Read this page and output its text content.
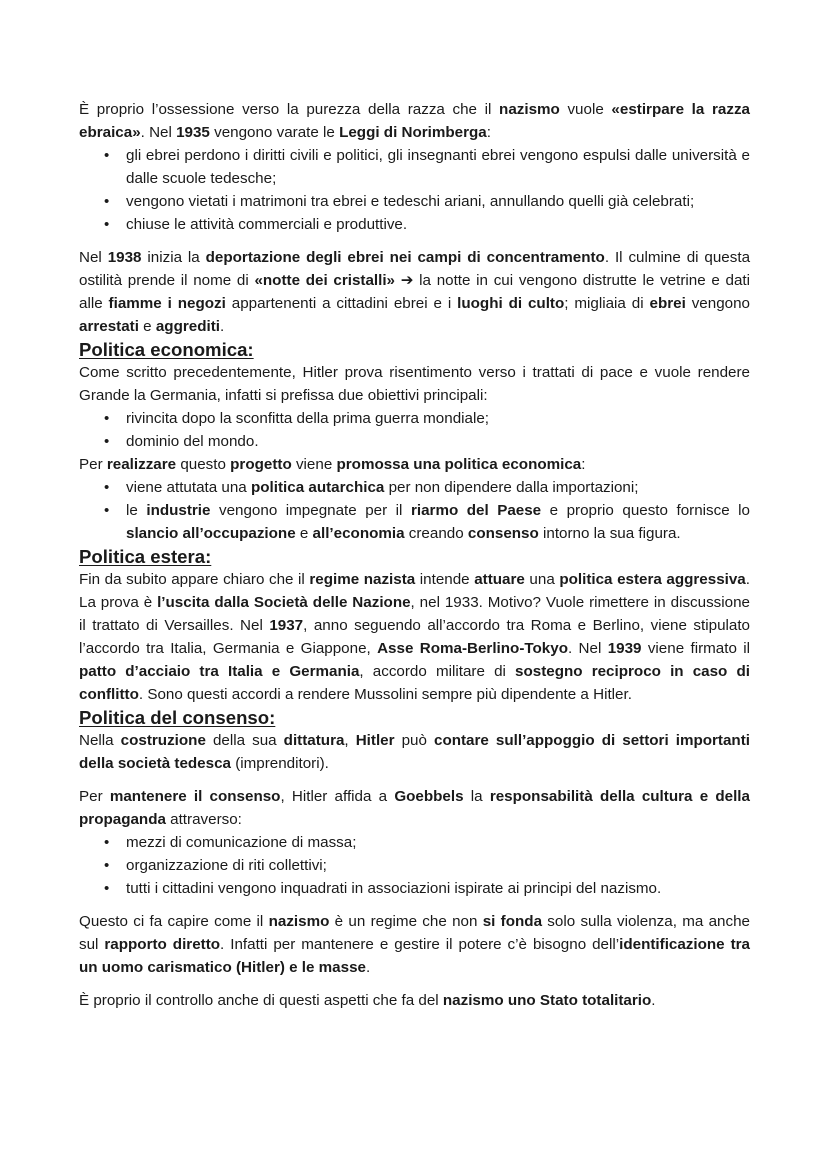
È proprio l’ossessione verso la purezza della razza che il nazismo vuole «estirpare la razza ebraica». Nel 1935 vengono varate le Leggi di Norimberga:

• gli ebrei perdono i diritti civili e politici, gli insegnanti ebrei vengono espulsi dalle università e dalle scuole tedesche;
• vengono vietati i matrimoni tra ebrei e tedeschi ariani, annullando quelli già celebrati;
• chiuse le attività commerciali e produttive.

Nel 1938 inizia la deportazione degli ebrei nei campi di concentramento. Il culmine di questa ostilità prende il nome di «notte dei cristalli» ➔ la notte in cui vengono distrutte le vetrine e dati alle fiamme i negozi appartenenti a cittadini ebrei e i luoghi di culto; migliaia di ebrei vengono arrestati e aggrediti.

Politica economica:

Come scritto precedentemente, Hitler prova risentimento verso i trattati di pace e vuole rendere Grande la Germania, infatti si prefissa due obiettivi principali:

• rivincita dopo la sconfitta della prima guerra mondiale;
• dominio del mondo.

Per realizzare questo progetto viene promossa una politica economica:

• viene attutata una politica autarchica per non dipendere dalla importazioni;
• le industrie vengono impegnate per il riarmo del Paese e proprio questo fornisce lo slancio all’occupazione e all’economia creando consenso intorno la sua figura.
Politica estera:

Fin da subito appare chiaro che il regime nazista intende attuare una politica estera aggressiva. La prova è l’uscita dalla Società delle Nazione, nel 1933. Motivo? Vuole rimettere in discussione il trattato di Versailles. Nel 1937, anno seguendo all’accordo tra Roma e Berlino, viene stipulato l’accordo tra Italia, Germania e Giappone, Asse Roma-Berlino-Tokyo. Nel 1939 viene firmato il patto d’acciaio tra Italia e Germania, accordo militare di sostegno reciproco in caso di conflitto. Sono questi accordi a rendere Mussolini sempre più dipendente a Hitler.

Politica del consenso:

Nella costruzione della sua dittatura, Hitler può contare sull’appoggio di settori importanti della società tedesca (imprenditori).

Per mantenere il consenso, Hitler affida a Goebbels la responsabilità della cultura e della propaganda attraverso:

• mezzi di comunicazione di massa;
• organizzazione di riti collettivi;
• tutti i cittadini vengono inquadrati in associazioni ispirate ai principi del nazismo.

Questo ci fa capire come il nazismo è un regime che non si fonda solo sulla violenza, ma anche sul rapporto diretto. Infatti per mantenere e gestire il potere c’è bisogno dell’identificazione tra un uomo carismatico (Hitler) e le masse.

È proprio il controllo anche di questi aspetti che fa del nazismo uno Stato totalitario.
